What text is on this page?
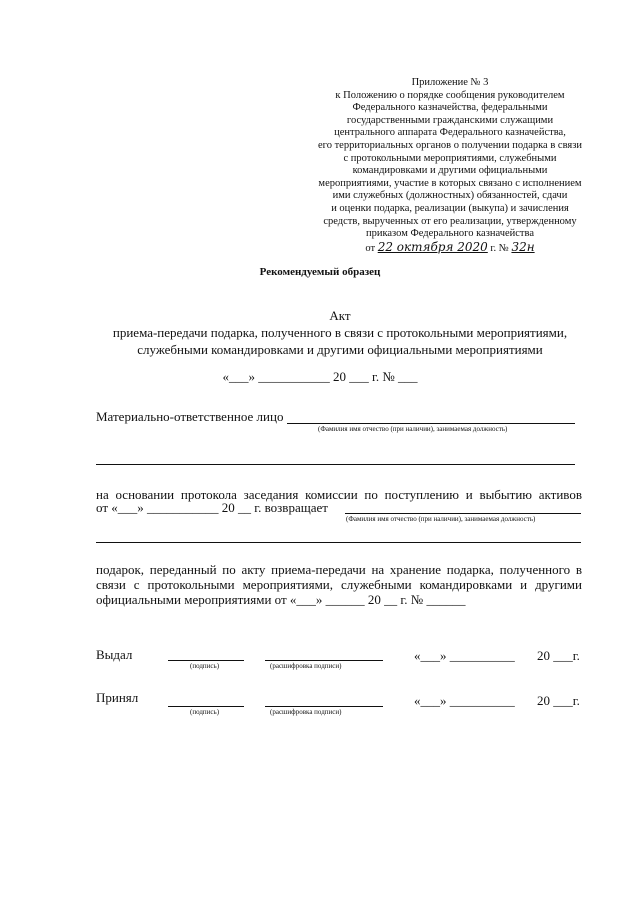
Приложение № 3
к Положению о порядке сообщения руководителем
Федерального казначейства, федеральными
государственными гражданскими служащими
центрального аппарата Федерального казначейства,
его территориальных органов о получении подарка в связи
с протокольными мероприятиями, служебными
командировками и другими официальными
мероприятиями, участие в которых связано с исполнением
ими служебных (должностных) обязанностей, сдачи
и оценки подарка, реализации (выкупа) и зачисления
средств, вырученных от его реализации, утвержденному
приказом Федерального казначейства
от 22 октября 2020 г. № 32н
Рекомендуемый образец
Акт
приема-передачи подарка, полученного в связи с протокольными мероприятиями,
служебными командировками и другими официальными мероприятиями
«___» ___________ 20 ___ г. № ___
Материально-ответственное лицо
(Фамилия имя отчество (при наличии), занимаемая должность)
на основании протокола заседания комиссии по поступлению и выбытию активов
от «___» ___________ 20 __ г. возвращает
(Фамилия имя отчество (при наличии), занимаемая должность)
подарок, переданный по акту приема-передачи на хранение подарка, полученного в
связи с протокольными мероприятиями, служебными командировками и другими
официальными мероприятиями от «___» ______ 20 __ г. № ______
Выдал
(подпись)	(расшифровка подписи)
«___» __________ 20 ___г.
Принял
(подпись)	(расшифровка подписи)
«___» __________ 20 ___г.
